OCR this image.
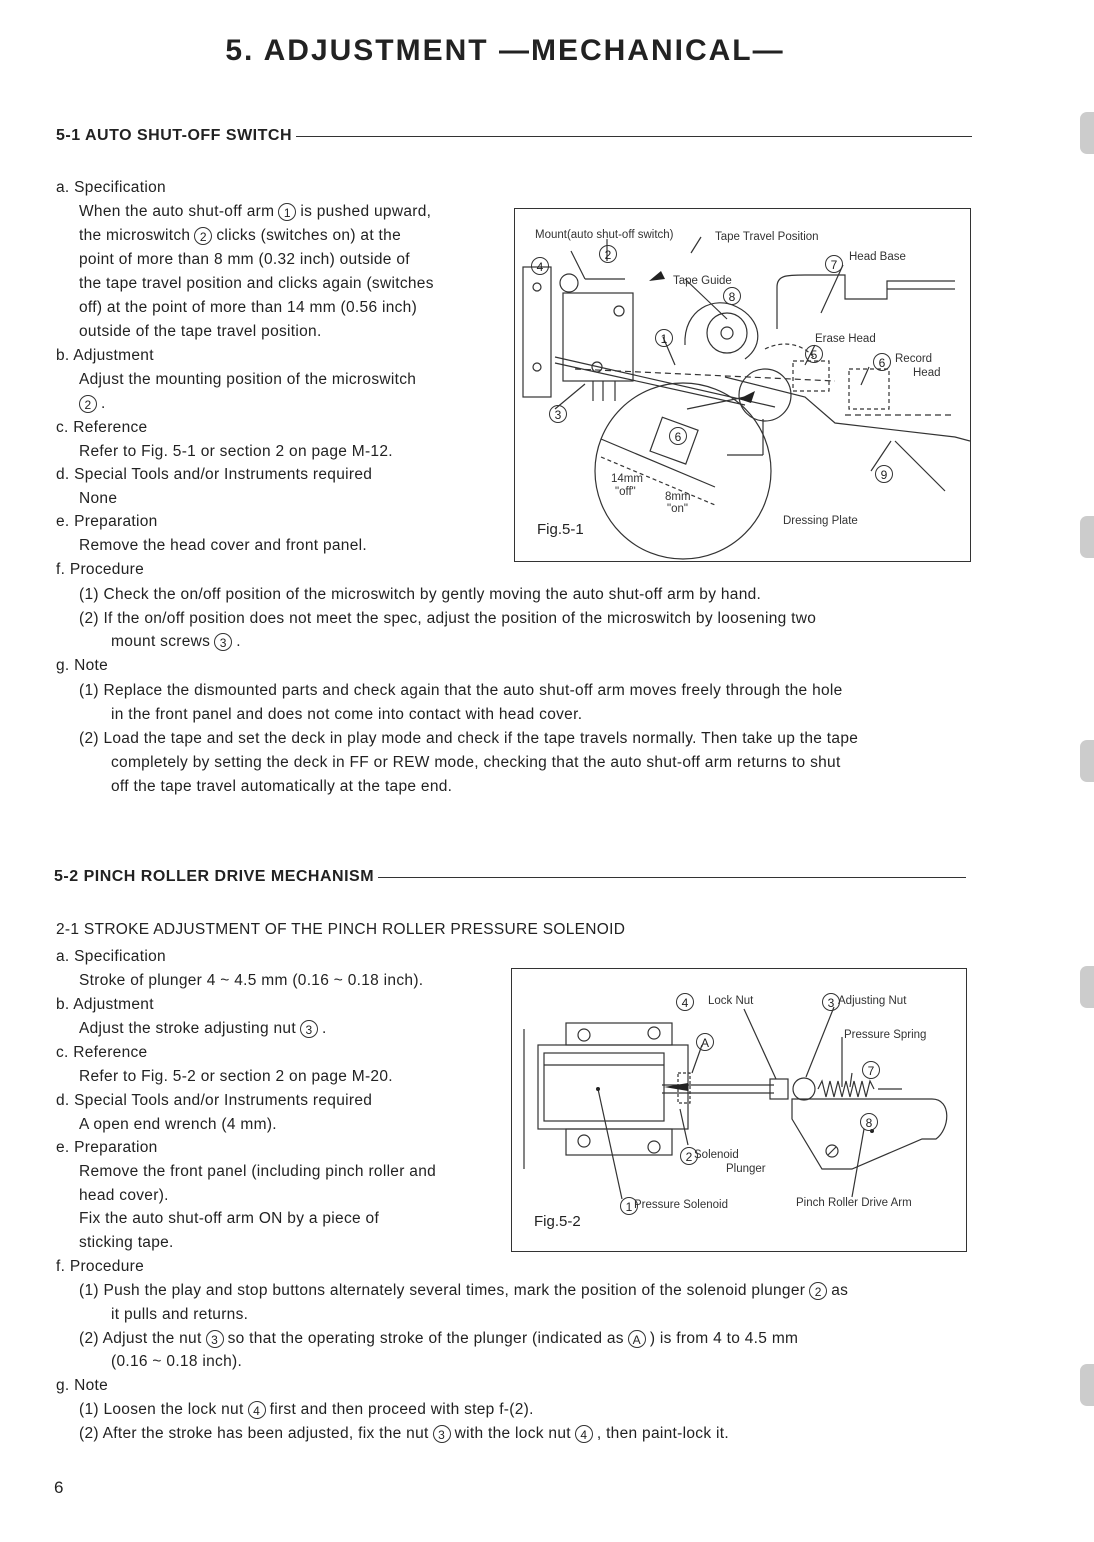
5. ADJUSTMENT —MECHANICAL—
5-1 AUTO SHUT-OFF SWITCH
a. Specification
When the auto shut-off arm 1 is pushed upward,
the microswitch 2 clicks (switches on) at the
point of more than 8 mm (0.32 inch) outside of
the tape travel position and clicks again (switches
off) at the point of more than 14 mm (0.56 inch)
outside of the tape travel position.
b. Adjustment
Adjust the mounting position of the microswitch
2 .
c. Reference
Refer to Fig. 5-1 or section 2 on page M-12.
d. Special Tools and/or Instruments required
None
e. Preparation
Remove the head cover and front panel.
f. Procedure
(1) Check the on/off position of the microswitch by gently moving the auto shut-off arm by hand.
(2) If the on/off position does not meet the spec, adjust the position of the microswitch by loosening two
mount screws 3 .
g. Note
(1) Replace the dismounted parts and check again that the auto shut-off arm moves freely through the hole
in the front panel and does not come into contact with head cover.
(2) Load the tape and set the deck in play mode and check if the tape travels normally. Then take up the tape
completely by setting the deck in FF or REW mode, checking that the auto shut-off arm returns to shut
off the tape travel automatically at the tape end.
Mount(auto shut-off switch)	Tape Travel Position
Head Base
Tape Guide
Erase Head
Record
Head
Dressing Plate
14mm
"off"	8mm
"on"
4
2
7
8
1
5
6
3
6
9
Fig.5-1
5-2 PINCH ROLLER DRIVE MECHANISM
2-1 STROKE ADJUSTMENT OF THE PINCH ROLLER PRESSURE SOLENOID
a. Specification
Stroke of plunger 4 ~ 4.5 mm (0.16 ~ 0.18 inch).
b. Adjustment
Adjust the stroke adjusting nut 3 .
c. Reference
Refer to Fig. 5-2 or section 2 on page M-20.
d. Special Tools and/or Instruments required
A open end wrench (4 mm).
e. Preparation
Remove the front panel (including pinch roller and
head cover).
Fix the auto shut-off arm ON by a piece of
sticking tape.
f. Procedure
(1) Push the play and stop buttons alternately several times, mark the position of the solenoid plunger 2 as
it pulls and returns.
(2) Adjust the nut 3 so that the operating stroke of the plunger (indicated as A ) is from 4 to 4.5 mm
(0.16 ~ 0.18 inch).
g. Note
(1) Loosen the lock nut 4 first and then proceed with step f-(2).
(2) After the stroke has been adjusted, fix the nut 3 with the lock nut 4 , then paint-lock it.
Lock Nut	Adjusting Nut
Pressure Spring
Solenoid
Plunger
Pressure Solenoid	Pinch Roller Drive Arm
4	3
A
7
8
2
1
Fig.5-2
6
